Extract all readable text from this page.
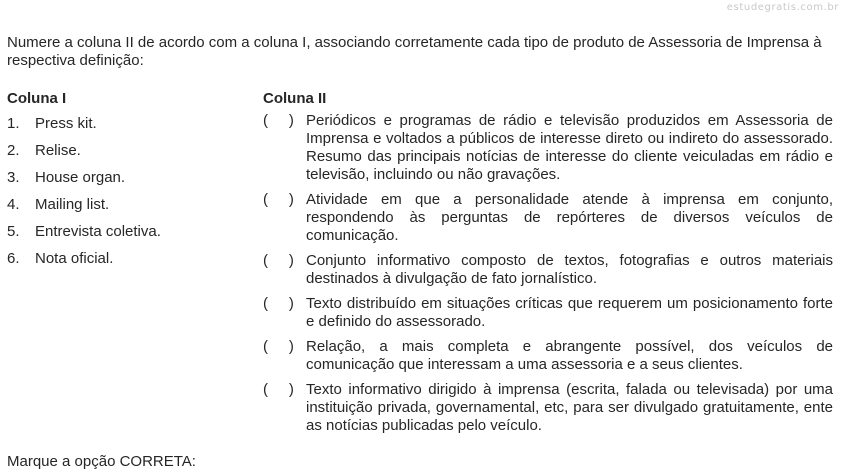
estudegratis.com.br
Numere a coluna II de acordo com a coluna I, associando corretamente cada tipo de produto de Assessoria de Imprensa à respectiva definição:
Coluna I
1. Press kit.
2. Relise.
3. House organ.
4. Mailing list.
5. Entrevista coletiva.
6. Nota oficial.
Coluna II
(     ) Periódicos e programas de rádio e televisão produzidos em Assessoria de Imprensa e voltados a públicos de interesse direto ou indireto do assessorado. Resumo das principais notícias de interesse do cliente veiculadas em rádio e televisão, incluindo ou não gravações.
(     ) Atividade em que a personalidade atende à imprensa em conjunto, respondendo às perguntas de repórteres de diversos veículos de comunicação.
(     ) Conjunto informativo composto de textos, fotografias e outros materiais destinados à divulgação de fato jornalístico.
(     ) Texto distribuído em situações críticas que requerem um posicionamento forte e definido do assessorado.
(     ) Relação, a mais completa e abrangente possível, dos veículos de comunicação que interessam a uma assessoria e a seus clientes.
(     ) Texto informativo dirigido à imprensa (escrita, falada ou televisada) por uma instituição privada, governamental, etc, para ser divulgado gratuitamente, ente as notícias publicadas pelo veículo.
Marque a opção CORRETA:
